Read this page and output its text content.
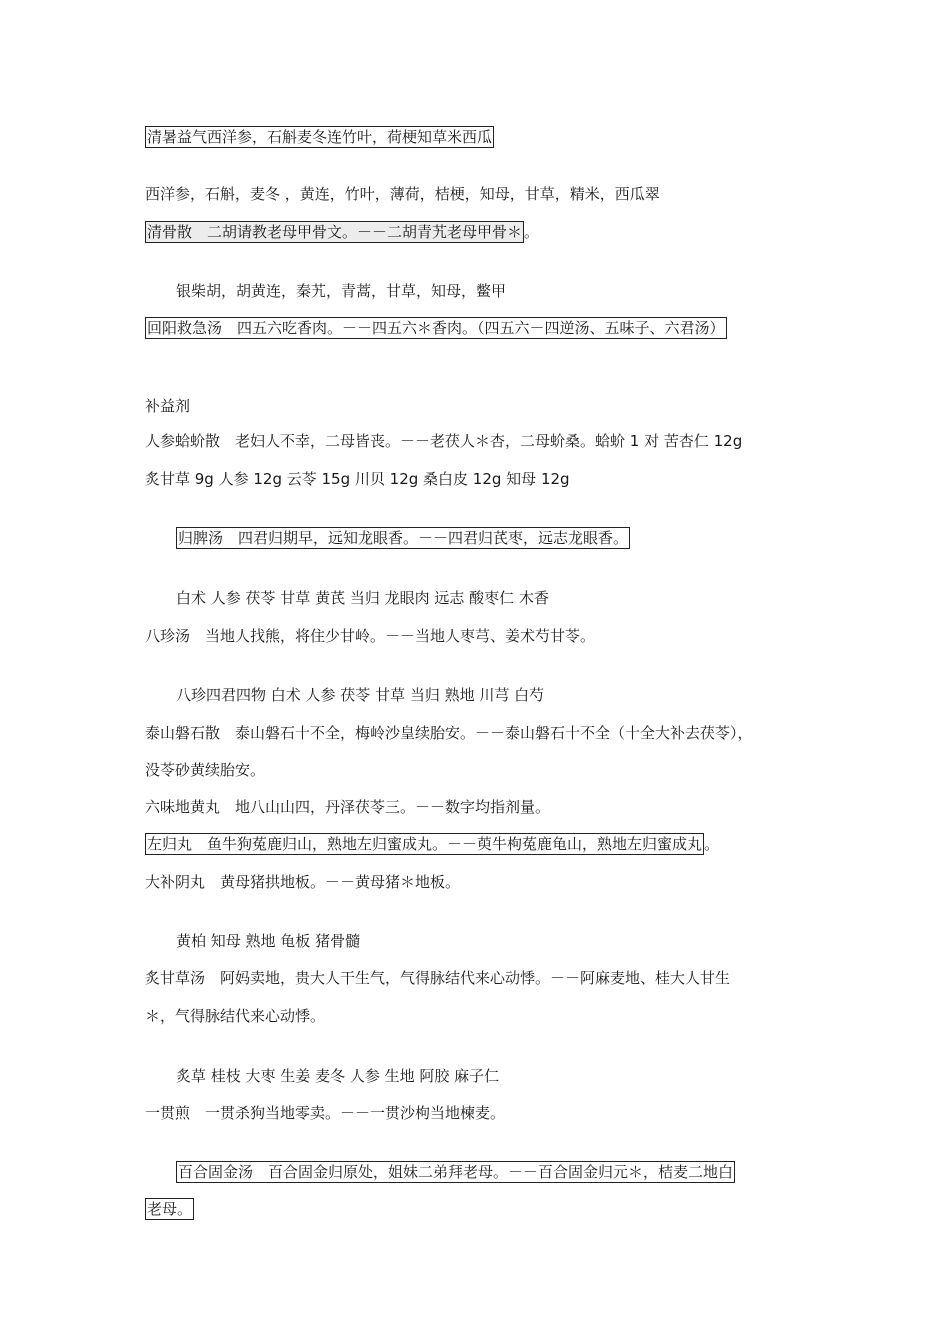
清暑益气西洋参，石斛麦冬连竹叶，荷梗知草米西瓜
西洋参，石斛，麦冬 ，黄连，竹叶，薄荷，桔梗，知母，甘草，精米，西瓜翠
清骨散　二胡请教老母甲骨文。－－二胡青艽老母甲骨＊ 。
银柴胡，胡黄连，秦艽，青蒿，甘草，知母，鳖甲
回阳救急汤　四五六吃香肉。－－四五六＊香肉。（四五六－四逆汤、五味子、六君汤）
补益剂
人参蛤蚧散　老妇人不幸，二母皆丧。－－老茯人＊杏，二母蚧桑。蛤蚧 1 对 苦杏仁 12g
炙甘草 9g 人参 12g 云苓 15g 川贝 12g 桑白皮 12g 知母 12g
归脾汤　四君归期早，远知龙眼香。－－四君归芪枣，远志龙眼香。
白术 人参 茯苓 甘草 黄芪 当归 龙眼肉 远志 酸枣仁 木香
八珍汤　当地人找熊，将住少甘岭。－－当地人枣芎、姜术芍甘苓。
八珍四君四物 白术 人参 茯苓 甘草 当归 熟地 川芎 白芍
泰山磐石散　泰山磐石十不全，梅岭沙皇续胎安。－－泰山磐石十不全（十全大补去茯苓），
没苓砂黄续胎安。
六味地黄丸　地八山山四，丹泽茯苓三。－－数字均指剂量。
左归丸　鱼牛狗菟鹿归山，熟地左归蜜成丸。－－萸牛枸菟鹿龟山，熟地左归蜜成丸 。
大补阴丸　黄母猪拱地板。－－黄母猪＊地板。
黄柏 知母 熟地 龟板 猪骨髓
炙甘草汤　阿妈卖地，贵大人干生气，气得脉结代来心动悸。－－阿麻麦地、桂大人甘生
＊，气得脉结代来心动悸。
炙草 桂枝 大枣 生姜 麦冬 人参 生地 阿胶 麻子仁
一贯煎　一贯杀狗当地零卖。－－一贯沙枸当地楝麦。
百合固金汤　百合固金归原处，姐妹二弟拜老母。－－百合固金归元＊，桔麦二地白
老母。
